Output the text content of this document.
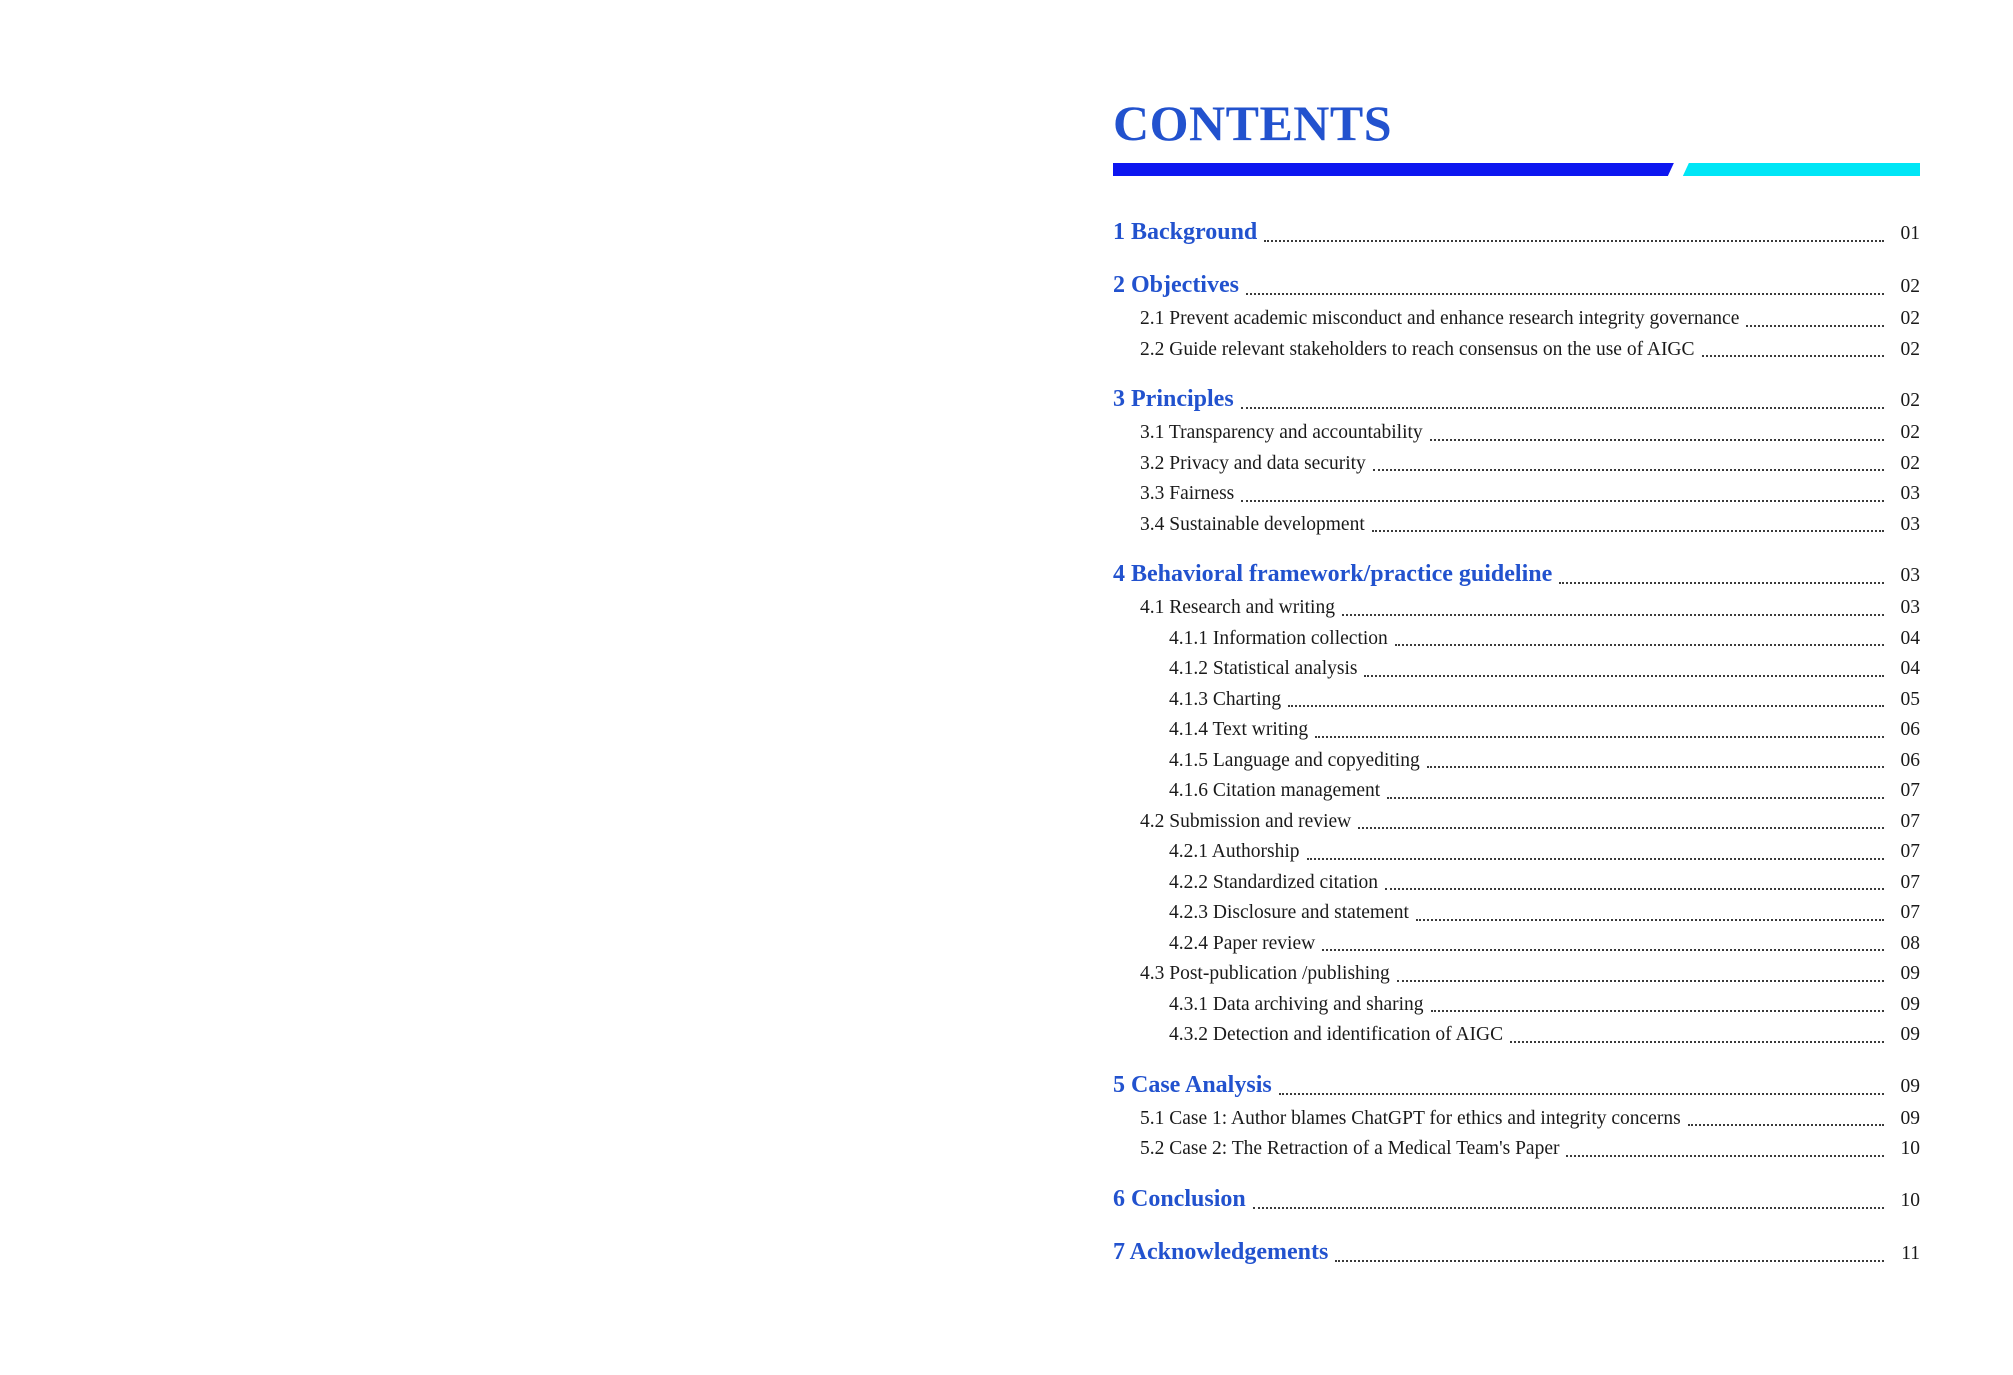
CONTENTS
1 Background	01
2 Objectives	02
2.1 Prevent academic misconduct and enhance research integrity governance	02
2.2 Guide relevant stakeholders to reach consensus on the use of AIGC	02
3 Principles	02
3.1 Transparency and accountability	02
3.2 Privacy and data security	02
3.3 Fairness	03
3.4 Sustainable development	03
4 Behavioral framework/practice guideline	03
4.1 Research and writing	03
4.1.1 Information collection	04
4.1.2 Statistical analysis	04
4.1.3 Charting	05
4.1.4 Text writing	06
4.1.5 Language and copyediting	06
4.1.6 Citation management	07
4.2 Submission and review	07
4.2.1 Authorship	07
4.2.2 Standardized citation	07
4.2.3 Disclosure and statement	07
4.2.4 Paper review	08
4.3 Post-publication /publishing	09
4.3.1 Data archiving and sharing	09
4.3.2 Detection and identification of AIGC	09
5 Case Analysis	09
5.1 Case 1: Author blames ChatGPT for ethics and integrity concerns	09
5.2 Case 2: The Retraction of a Medical Team's Paper	10
6 Conclusion	10
7 Acknowledgements	11
